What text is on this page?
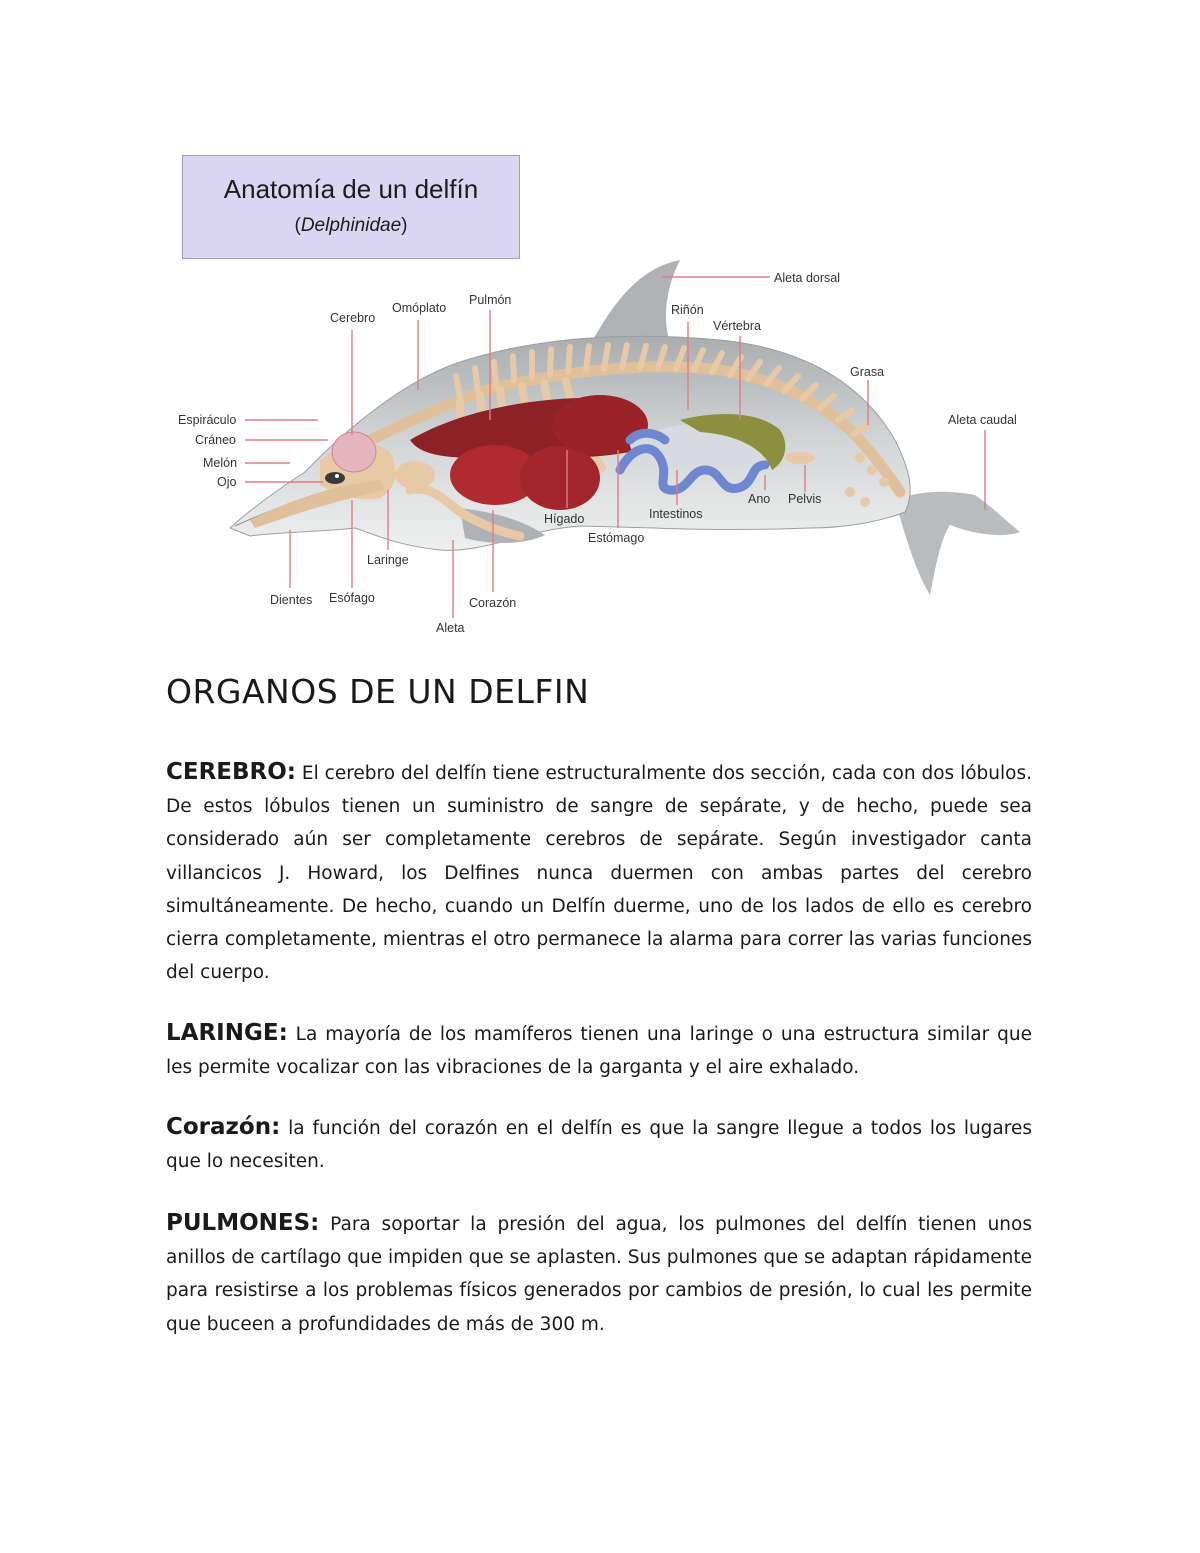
Anatomía de un delfín
(Delphinidae)
Aleta dorsal
Cerebro
Omóplato
Pulmón
Riñón
Vértebra
Grasa
Aleta caudal
Espiráculo
Cráneo
Melón
Ojo
Ano Pelvis
Hígado	Intestinos
Estómago
Laringe
Dientes Esófago	Corazón
Aleta
ORGANOS DE UN DELFIN

CEREBRO: El cerebro del delfín tiene estructuralmente dos sección, cada con dos lóbulos. De estos lóbulos tienen un suministro de sangre de sepárate, y de hecho, puede sea considerado aún ser completamente cerebros de sepárate. Según investigador canta villancicos J. Howard, los Delfines nunca duermen con ambas partes del cerebro simultáneamente. De hecho, cuando un Delfín duerme, uno de los lados de ello es cerebro cierra completamente, mientras el otro permanece la alarma para correr las varias funciones del cuerpo.

LARINGE: La mayoría de los mamíferos tienen una laringe o una estructura similar que les permite vocalizar con las vibraciones de la garganta y el aire exhalado.

Corazón: la función del corazón en el delfín es que la sangre llegue a todos los lugares que lo necesiten.

PULMONES: Para soportar la presión del agua, los pulmones del delfín tienen unos anillos de cartílago que impiden que se aplasten. Sus pulmones que se adaptan rápidamente para resistirse a los problemas físicos generados por cambios de presión, lo cual les permite que buceen a profundidades de más de 300 m.
